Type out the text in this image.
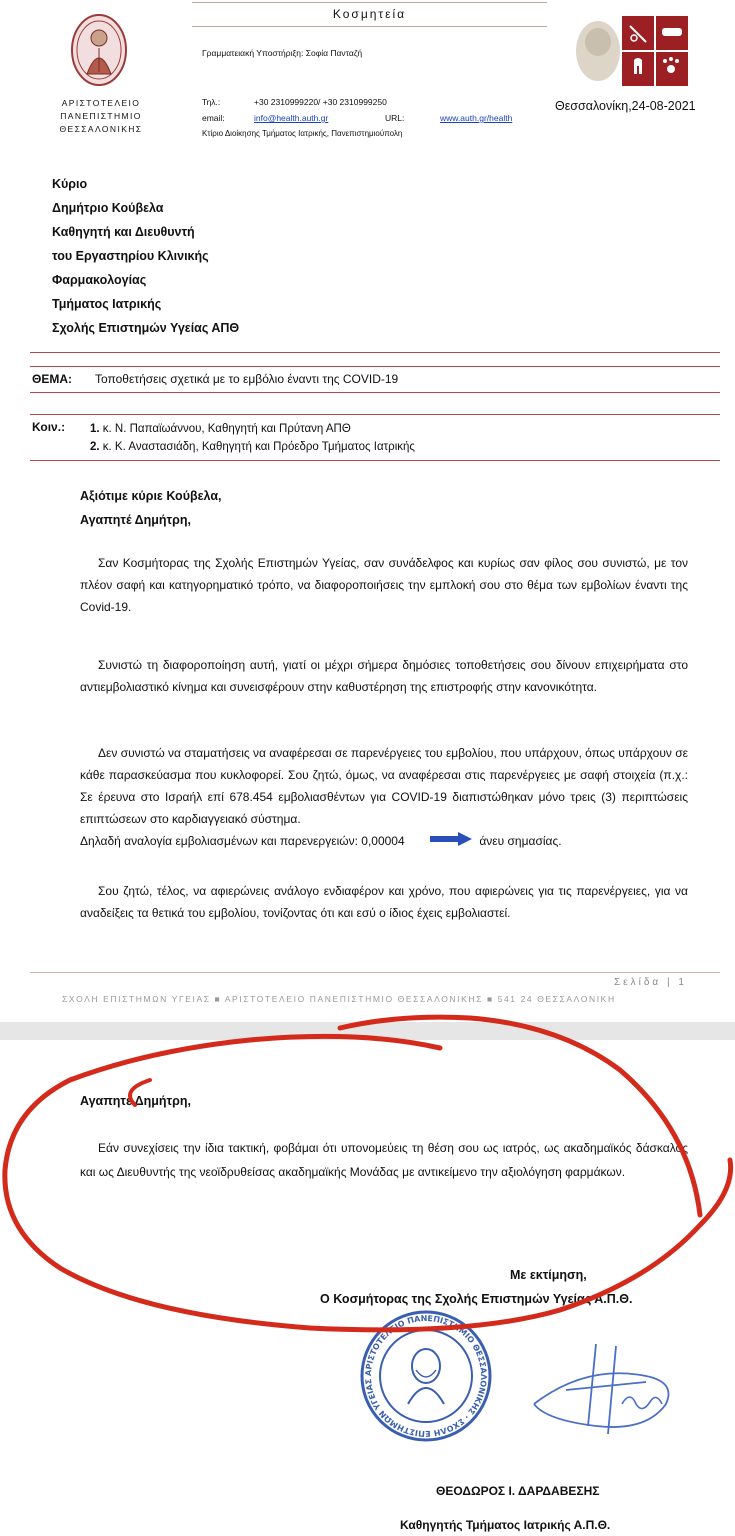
ΑΡΙΣΤΟΤΕΛΕΙΟ
ΠΑΝΕΠΙΣΤΗΜΙΟ
ΘΕΣΣΑΛΟΝΙΚΗΣ
Κοσμητεία
Γραμματειακή Υποστήριξη: Σοφία Πανταζή
Τηλ.:	+30 2310999220/ +30 2310999250
email:	info@health.auth.gr	URL:	www.auth.gr/health
Κτίριο Διοίκησης Τμήματος Ιατρικής, Πανεπιστημιούπολη
Θεσσαλονίκη,24-08-2021
Κύριο
Δημήτριο Κούβελα
Καθηγητή και Διευθυντή
του Εργαστηρίου Κλινικής
Φαρμακολογίας
Τμήματος Ιατρικής
Σχολής Επιστημών Υγείας ΑΠΘ
ΘΕΜΑ: Τοποθετήσεις σχετικά με το εμβόλιο έναντι της COVID-19
Κοιν.: 1. κ. Ν. Παπαϊωάννου, Καθηγητή και Πρύτανη ΑΠΘ
2. κ. Κ. Αναστασιάδη, Καθηγητή και Πρόεδρο Τμήματος Ιατρικής
Αξιότιμε κύριε Κούβελα,
Αγαπητέ Δημήτρη,
Σαν Κοσμήτορας της Σχολής Επιστημών Υγείας, σαν συνάδελφος και κυρίως σαν φίλος σου συνιστώ, με τον πλέον σαφή και κατηγορηματικό τρόπο, να διαφοροποιήσεις την εμπλοκή σου στο θέμα των εμβολίων έναντι της Covid-19.
Συνιστώ τη διαφοροποίηση αυτή, γιατί οι μέχρι σήμερα δημόσιες τοποθετήσεις σου δίνουν επιχειρήματα στο αντιεμβολιαστικό κίνημα και συνεισφέρουν στην καθυστέρηση της επιστροφής στην κανονικότητα.
Δεν συνιστώ να σταματήσεις να αναφέρεσαι σε παρενέργειες του εμβολίου, που υπάρχουν, όπως υπάρχουν σε κάθε παρασκεύασμα που κυκλοφορεί. Σου ζητώ, όμως, να αναφέρεσαι στις παρενέργειες με σαφή στοιχεία (π.χ.: Σε έρευνα στο Ισραήλ επί 678.454 εμβολιασθέντων για COVID-19 διαπιστώθηκαν μόνο τρεις (3) περιπτώσεις επιπτώσεων στο καρδιαγγειακό σύστημα.
Δηλαδή αναλογία εμβολιασμένων και παρενεργειών: 0,00004	άνευ σημασίας.
Σου ζητώ, τέλος, να αφιερώνεις ανάλογο ενδιαφέρον και χρόνο, που αφιερώνεις για τις παρενέργειες, για να αναδείξεις τα θετικά του εμβολίου, τονίζοντας ότι και εσύ ο ίδιος έχεις εμβολιαστεί.
Σελίδα | 1
ΣΧΟΛΗ ΕΠΙΣΤΗΜΩΝ ΥΓΕΙΑΣ ■ ΑΡΙΣΤΟΤΕΛΕΙΟ ΠΑΝΕΠΙΣΤΗΜΙΟ ΘΕΣΣΑΛΟΝΙΚΗΣ ■ 541 24 ΘΕΣΣΑΛΟΝΙΚΗ
Αγαπητέ Δημήτρη,
Εάν συνεχίσεις την ίδια τακτική, φοβάμαι ότι υπονομεύεις τη θέση σου ως ιατρός, ως ακαδημαϊκός δάσκαλος και ως Διευθυντής της νεοϊδρυθείσας ακαδημαϊκής Μονάδας με αντικείμενο την αξιολόγηση φαρμάκων.
Με εκτίμηση,
Ο Κοσμήτορας της Σχολής Επιστημών Υγείας Α.Π.Θ.
ΑΡΙΣΤΟΤΕΛΕΙΟ ΠΑΝΕΠΙΣΤΗΜΙΟ ΘΕΣΣΑΛΟΝΙΚΗΣ · ΣΧΟΛΗ ΕΠΙΣΤΗΜΩΝ ΥΓΕΙΑΣ
ΘΕΟΔΩΡΟΣ Ι. ΔΑΡΔΑΒΕΣΗΣ
Καθηγητής Τμήματος Ιατρικής Α.Π.Θ.
